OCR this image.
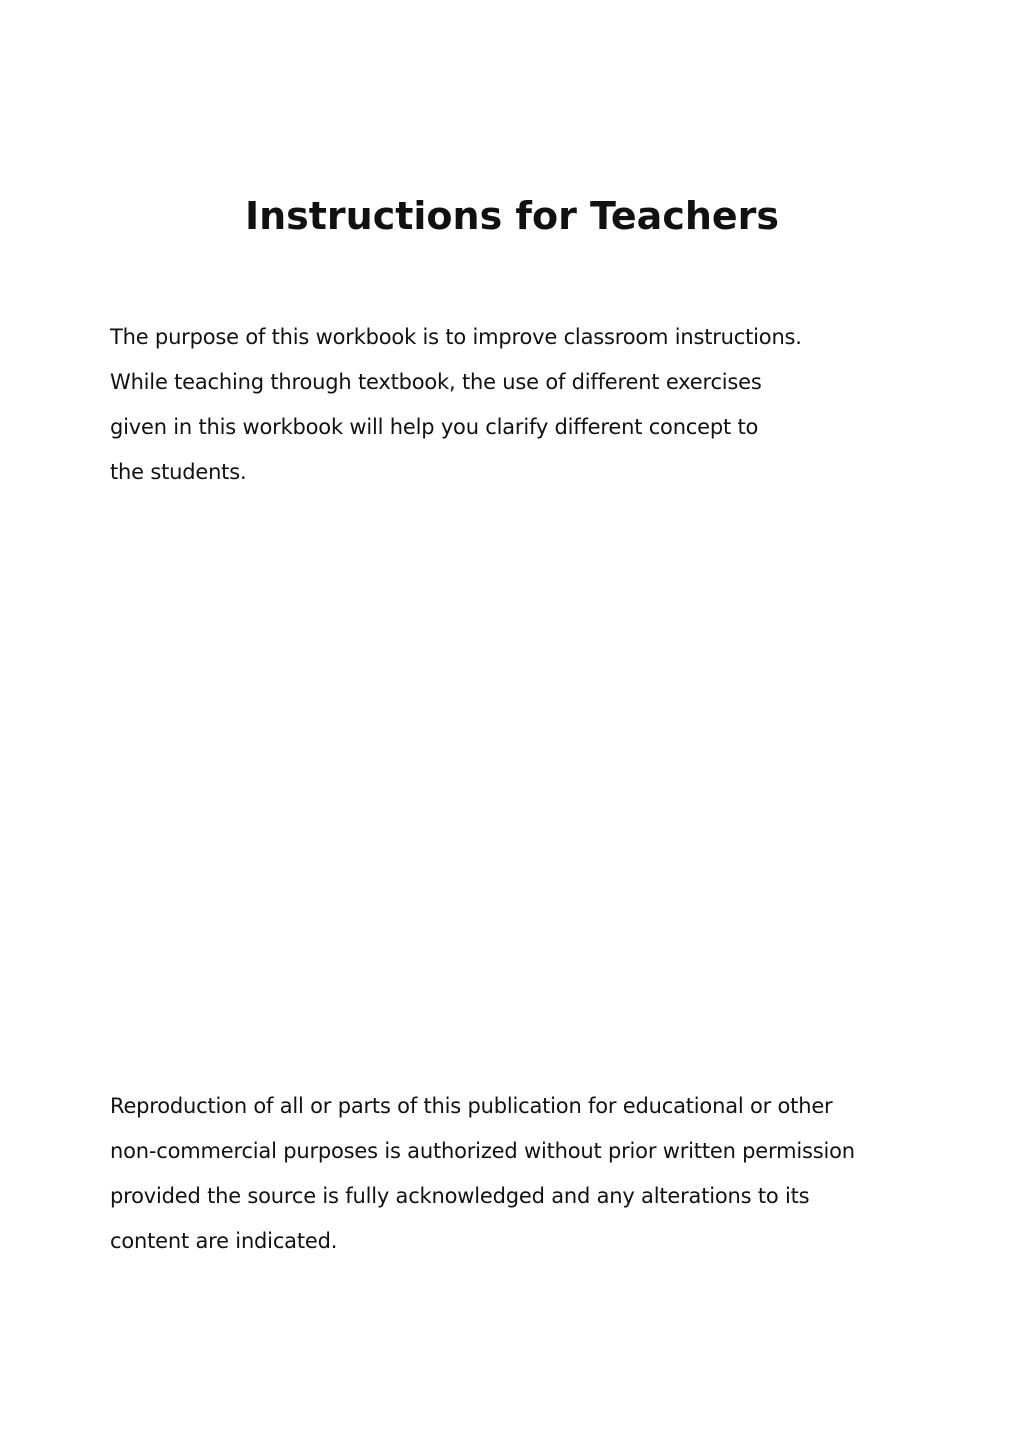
Instructions for Teachers
The purpose of this workbook is to improve classroom instructions.
While teaching through textbook, the use of different exercises
given in this workbook will help you clarify different concept to
the students.
Reproduction of all or parts of this publication for educational or other
non-commercial purposes is authorized without prior written permission
provided the source is fully acknowledged and any alterations to its
content are indicated.
